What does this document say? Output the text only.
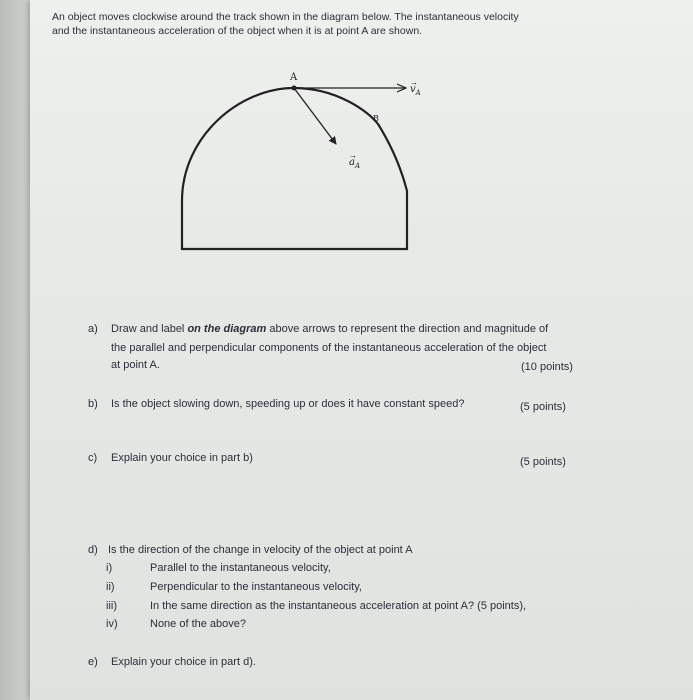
An object moves clockwise around the track shown in the diagram below. The instantaneous velocity
and the instantaneous acceleration of the object when it is at point A are shown.
A
B
$v_A$
→
$a_A$
→
a) Draw and label on the diagram above arrows to represent the direction and magnitude of
the parallel and perpendicular components of the instantaneous acceleration of the object
at point A.	(10 points)
b) Is the object slowing down, speeding up or does it have constant speed?	(5 points)
c) Explain your choice in part b)	(5 points)
d) Is the direction of the change in velocity of the object at point A
i)	Parallel to the instantaneous velocity,
ii)	Perpendicular to the instantaneous velocity,
iii)	In the same direction as the instantaneous acceleration at point A? (5 points),
iv)	None of the above?
e) Explain your choice in part d).
